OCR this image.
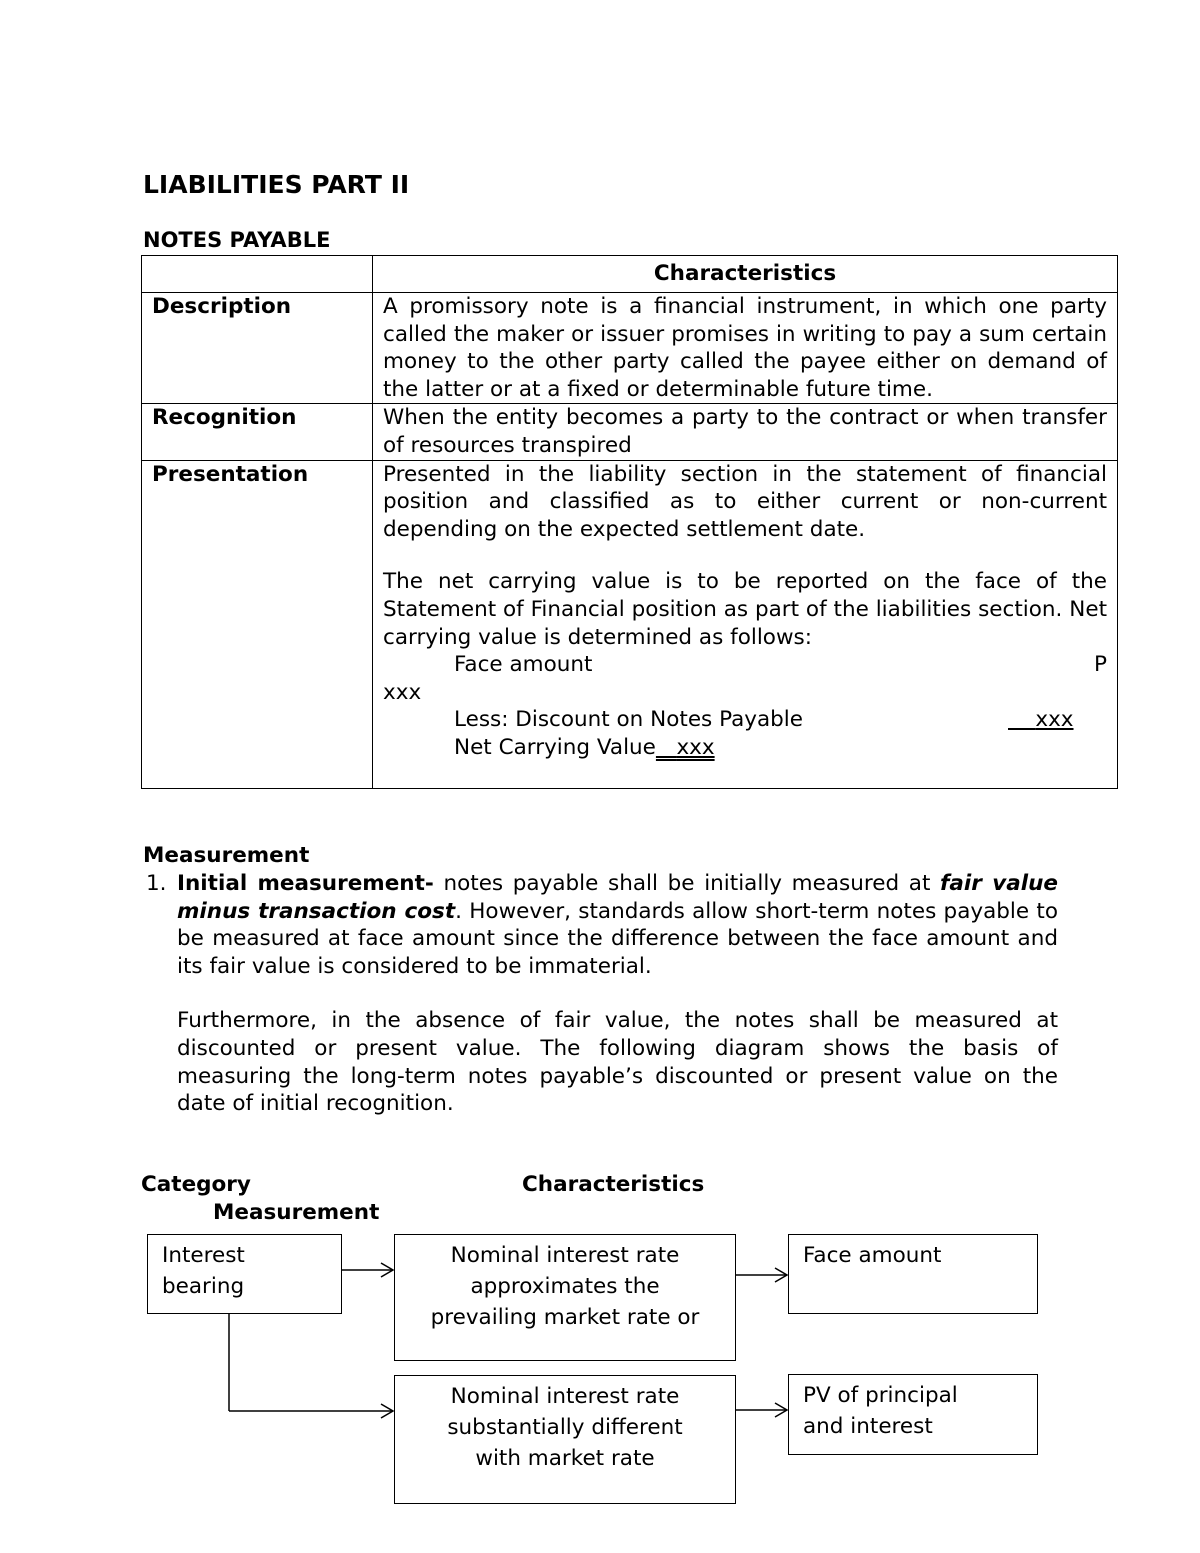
LIABILITIES PART II
NOTES PAYABLE
	Characteristics
Description	A promissory note is a financial instrument, in which one party called the maker or issuer promises in writing to pay a sum certain money to the other party called the payee either on demand of the latter or at a fixed or determinable future time.
Recognition	When the entity becomes a party to the contract or when transfer of resources transpired
Presentation	Presented in the liability section in the statement of financial position and classified as to either current or non-current depending on the expected settlement date.
The net carrying value is to be reported on the face of the Statement of Financial position as part of the liabilities section. Net carrying value is determined as follows:
Face amount	P
xxx
Less: Discount on Notes Payable	xxx
Net Carrying Value xxx
Measurement
1. Initial measurement- notes payable shall be initially measured at fair value minus transaction cost. However, standards allow short-term notes payable to be measured at face amount since the difference between the face amount and its fair value is considered to be immaterial.
Furthermore, in the absence of fair value, the notes shall be measured at discounted or present value. The following diagram shows the basis of measuring the long-term notes payable’s discounted or present value on the date of initial recognition.
Category	Characteristics
Measurement
Interest bearing
Nominal interest rate approximates the prevailing market rate or
Nominal interest rate substantially different with market rate
Face amount
PV of principal and interest
